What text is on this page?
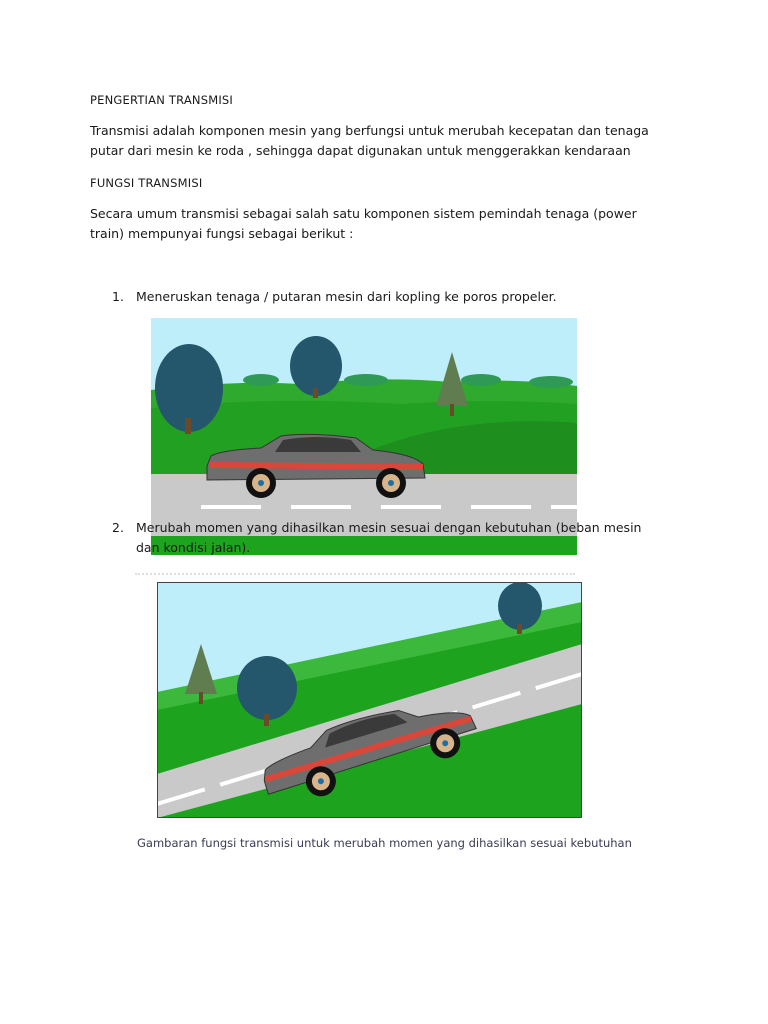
PENGERTIAN TRANSMISI
Transmisi adalah komponen mesin yang berfungsi untuk merubah kecepatan dan tenaga putar dari mesin ke roda , sehingga dapat digunakan untuk menggerakkan kendaraan
FUNGSI TRANSMISI
Secara umum transmisi sebagai salah satu komponen sistem pemindah tenaga (power train) mempunyai fungsi sebagai berikut :
1. Meneruskan tenaga / putaran mesin dari kopling ke poros propeler.
2. Merubah momen yang dihasilkan mesin sesuai dengan kebutuhan (beban mesin dan kondisi jalan).
Gambaran fungsi transmisi untuk merubah momen yang dihasilkan sesuai kebutuhan
